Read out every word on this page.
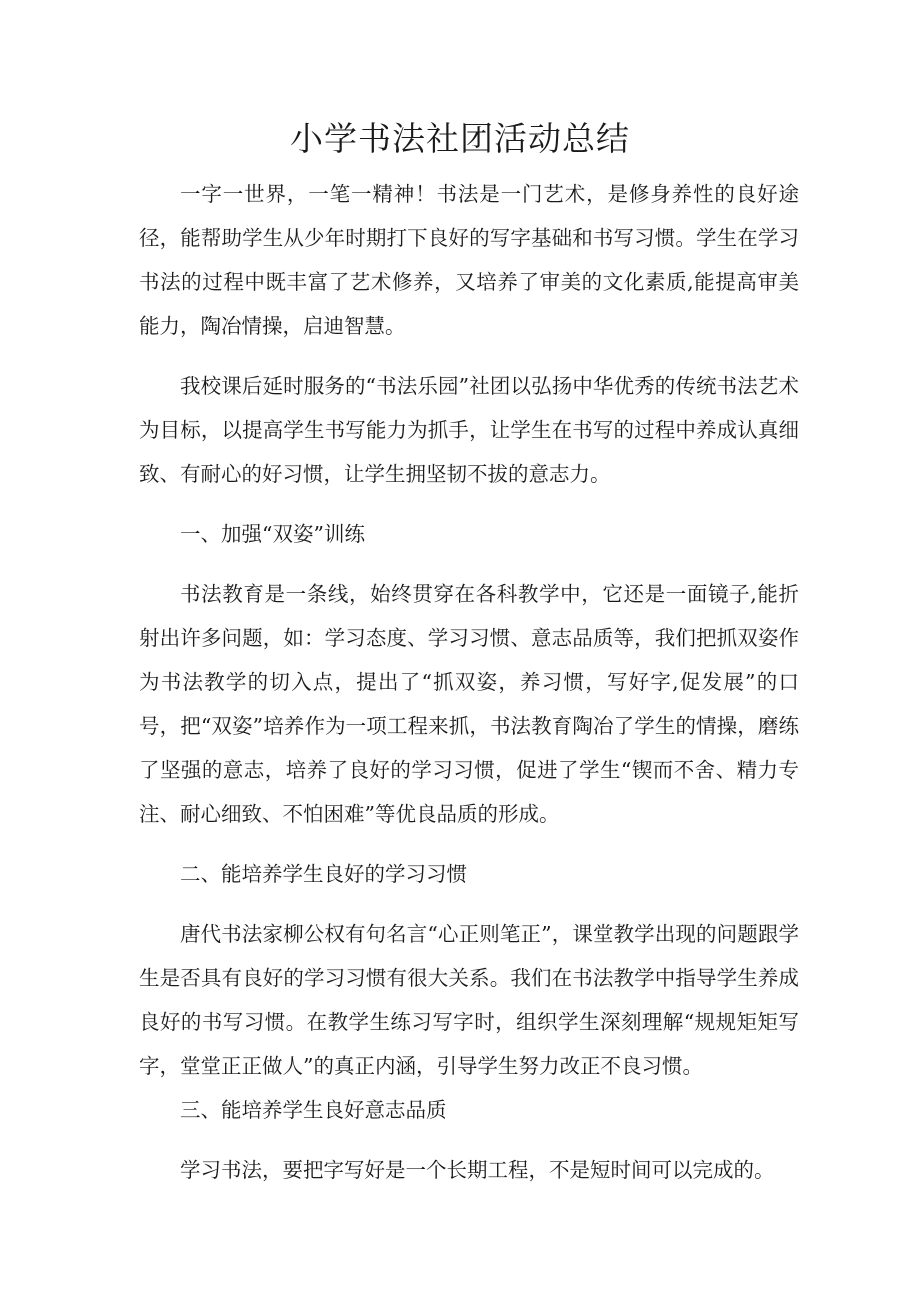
小学书法社团活动总结

一字一世界，一笔一精神！书法是一门艺术，是修身养性的良好途径，能帮助学生从少年时期打下良好的写字基础和书写习惯。学生在学习书法的过程中既丰富了艺术修养，又培养了审美的文化素质,能提高审美能力，陶冶情操，启迪智慧。

我校课后延时服务的“书法乐园”社团以弘扬中华优秀的传统书法艺术为目标，以提高学生书写能力为抓手，让学生在书写的过程中养成认真细致、有耐心的好习惯，让学生拥坚韧不拔的意志力。

一、加强“双姿”训练

书法教育是一条线，始终贯穿在各科教学中，它还是一面镜子,能折射出许多问题，如：学习态度、学习习惯、意志品质等，我们把抓双姿作为书法教学的切入点，提出了“抓双姿，养习惯，写好字,促发展”的口号，把“双姿”培养作为一项工程来抓，书法教育陶冶了学生的情操，磨练了坚强的意志，培养了良好的学习习惯，促进了学生“锲而不舍、精力专注、耐心细致、不怕困难”等优良品质的形成。

二、能培养学生良好的学习习惯

唐代书法家柳公权有句名言“心正则笔正”，课堂教学出现的问题跟学生是否具有良好的学习习惯有很大关系。我们在书法教学中指导学生养成良好的书写习惯。在教学生练习写字时，组织学生深刻理解“规规矩矩写字，堂堂正正做人”的真正内涵，引导学生努力改正不良习惯。

三、能培养学生良好意志品质

学习书法，要把字写好是一个长期工程，不是短时间可以完成的。
